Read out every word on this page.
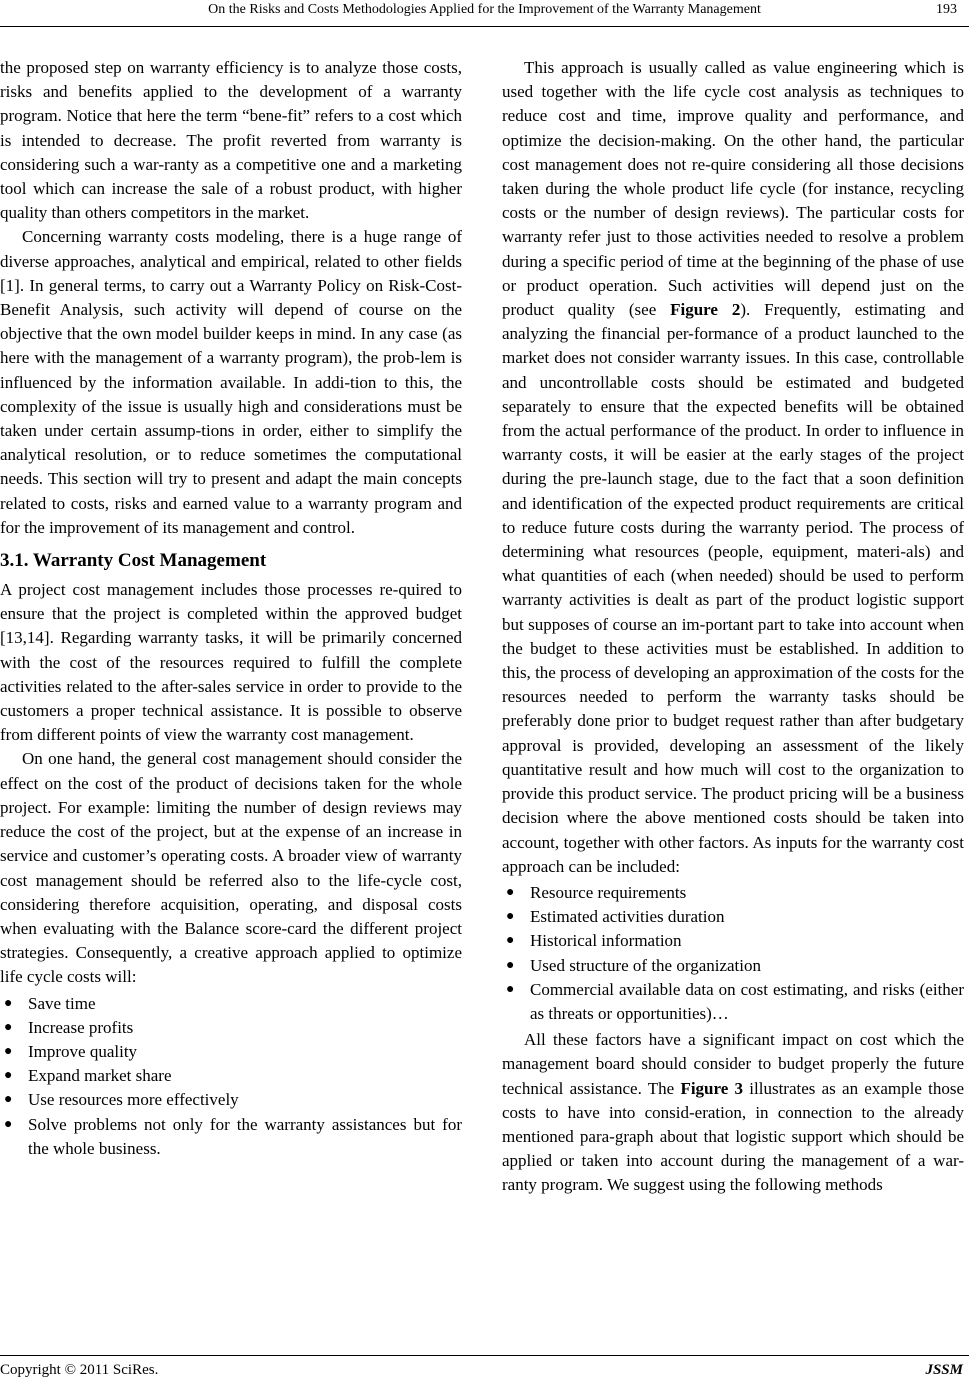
On the Risks and Costs Methodologies Applied for the Improvement of the Warranty Management	193

the proposed step on warranty efficiency is to analyze those costs, risks and benefits applied to the development of a warranty program. Notice that here the term “bene-fit” refers to a cost which is intended to decrease. The profit reverted from warranty is considering such a war-ranty as a competitive one and a marketing tool which can increase the sale of a robust product, with higher quality than others competitors in the market.

Concerning warranty costs modeling, there is a huge range of diverse approaches, analytical and empirical, related to other fields [1]. In general terms, to carry out a Warranty Policy on Risk-Cost-Benefit Analysis, such activity will depend of course on the objective that the own model builder keeps in mind. In any case (as here with the management of a warranty program), the prob-lem is influenced by the information available. In addi-tion to this, the complexity of the issue is usually high and considerations must be taken under certain assump-tions in order, either to simplify the analytical resolution, or to reduce sometimes the computational needs. This section will try to present and adapt the main concepts related to costs, risks and earned value to a warranty program and for the improvement of its management and control.

3.1. Warranty Cost Management

A project cost management includes those processes re-quired to ensure that the project is completed within the approved budget [13,14]. Regarding warranty tasks, it will be primarily concerned with the cost of the resources required to fulfill the complete activities related to the after-sales service in order to provide to the customers a proper technical assistance. It is possible to observe from different points of view the warranty cost management.

On one hand, the general cost management should consider the effect on the cost of the product of decisions taken for the whole project. For example: limiting the number of design reviews may reduce the cost of the project, but at the expense of an increase in service and customer’s operating costs. A broader view of warranty cost management should be referred also to the life-cycle cost, considering therefore acquisition, operating, and disposal costs when evaluating with the Balance score-card the different project strategies. Consequently, a creative approach applied to optimize life cycle costs will:

● Save time
● Increase profits
● Improve quality
● Expand market share
● Use resources more effectively
● Solve problems not only for the warranty assistances but for the whole business.

This approach is usually called as value engineering which is used together with the life cycle cost analysis as techniques to reduce cost and time, improve quality and performance, and optimize the decision-making. On the other hand, the particular cost management does not re-quire considering all those decisions taken during the whole product life cycle (for instance, recycling costs or the number of design reviews). The particular costs for warranty refer just to those activities needed to resolve a problem during a specific period of time at the beginning of the phase of use or product operation. Such activities will depend just on the product quality (see Figure 2). Frequently, estimating and analyzing the financial per-formance of a product launched to the market does not consider warranty issues. In this case, controllable and uncontrollable costs should be estimated and budgeted separately to ensure that the expected benefits will be obtained from the actual performance of the product. In order to influence in warranty costs, it will be easier at the early stages of the project during the pre-launch stage, due to the fact that a soon definition and identification of the expected product requirements are critical to reduce future costs during the warranty period. The process of determining what resources (people, equipment, materi-als) and what quantities of each (when needed) should be used to perform warranty activities is dealt as part of the product logistic support but supposes of course an im-portant part to take into account when the budget to these activities must be established. In addition to this, the process of developing an approximation of the costs for the resources needed to perform the warranty tasks should be preferably done prior to budget request rather than after budgetary approval is provided, developing an assessment of the likely quantitative result and how much will cost to the organization to provide this product service. The product pricing will be a business decision where the above mentioned costs should be taken into account, together with other factors. As inputs for the warranty cost approach can be included:

● Resource requirements
● Estimated activities duration
● Historical information
● Used structure of the organization
● Commercial available data on cost estimating, and risks (either as threats or opportunities)…

All these factors have a significant impact on cost which the management board should consider to budget properly the future technical assistance. The Figure 3 illustrates as an example those costs to have into consid-eration, in connection to the already mentioned para-graph about that logistic support which should be applied or taken into account during the management of a war-ranty program. We suggest using the following methods

Copyright © 2011 SciRes.	JSSM
